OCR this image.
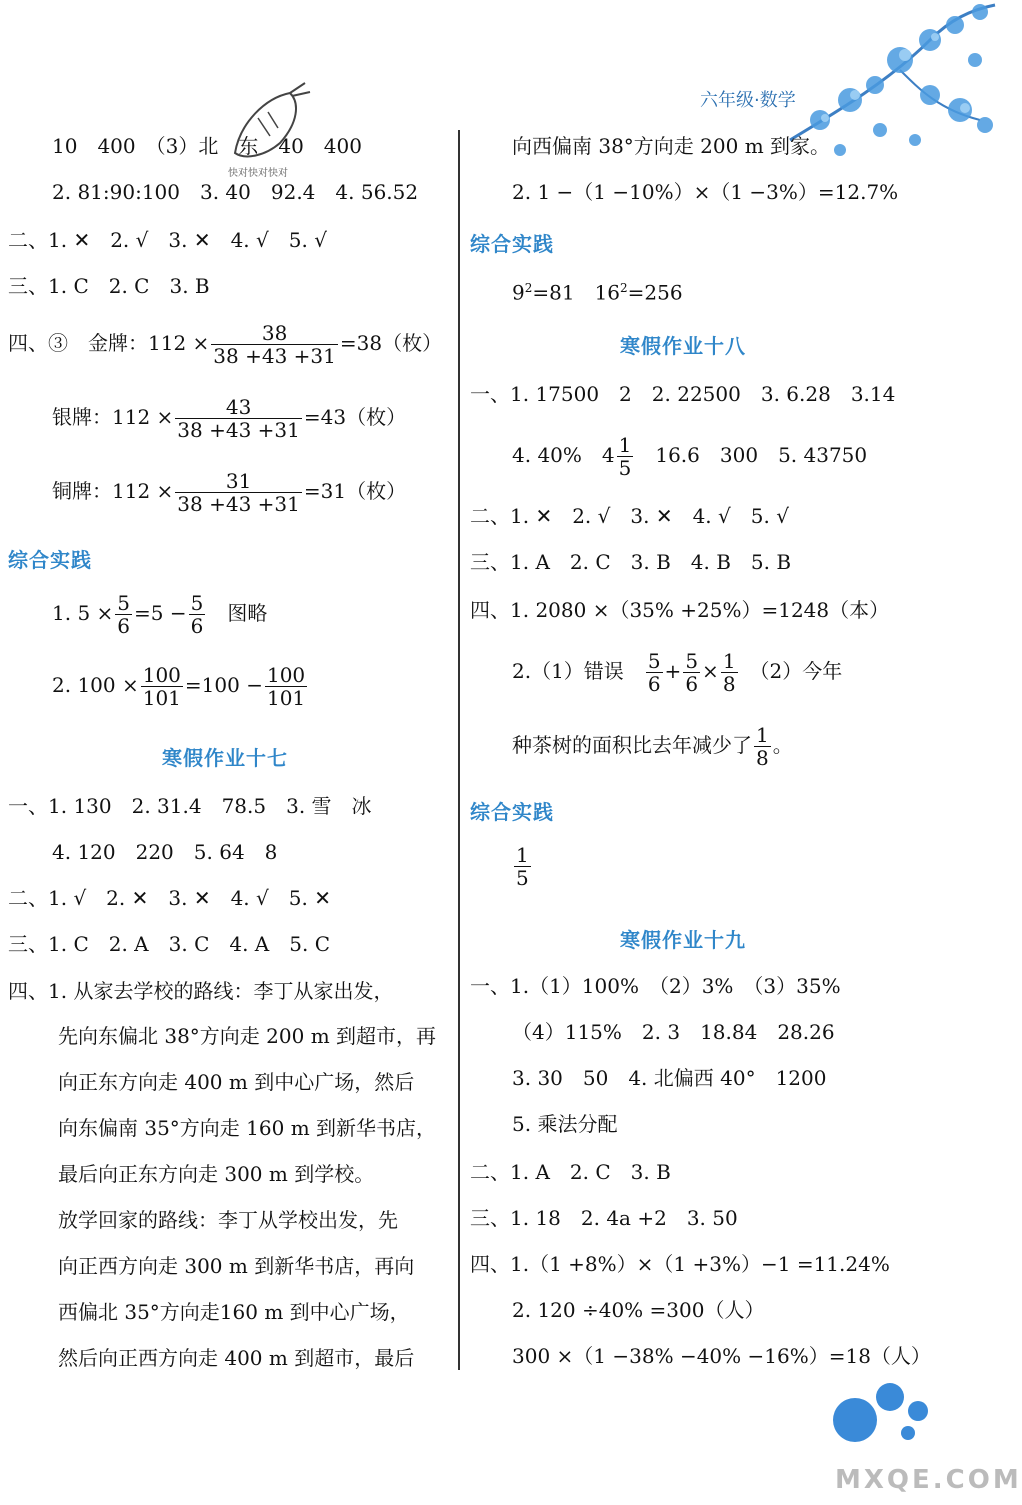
六年级·数学
快对快对快对
10　400　（3）北　东　40　400
2. 81:90:100　3. 40　92.4　4. 56.52
二、1. ✕　2. √　3. ✕　4. √　5. √
三、1. C　2. C　3. B
四、③　金牌：$112 \times \frac{38}{38 +43 +31} =38$（枚）
银牌：$112 \times \frac{43}{38 +43 +31} =43$（枚）
铜牌：$112 \times \frac{31}{38 +43 +31} =31$（枚）
综合实践
1. $5 \times \frac{5}{6} =5 - \frac{5}{6}$
　 图略
2. $100 \times \frac{100}{101} =100 - \frac{100}{101}$
寒假作业十七
一、1. 130　2. 31.4　78.5　3. 雪　冰
4. 120　220　5. 64　8
二、1. √　2. ✕　3. ✕　4. √　5. ✕
三、1. C　2. A　3. C　4. A　5. C
四、1. 从家去学校的路线：李丁从家出发，
先向东偏北 38°方向走 200 m 到超市，再
向正东方向走 400 m 到中心广场，然后
向东偏南 35°方向走 160 m 到新华书店，
最后向正东方向走 300 m 到学校。
放学回家的路线：李丁从学校出发，先
向正西方向走 300 m 到新华书店，再向
西偏北 35°方向走160 m 到中心广场，
然后向正西方向走 400 m 到超市，最后
向西偏南 38°方向走 200 m 到家。
2. 1 −（1 −10%）×（1 −3%）=12.7%
综合实践
$9^2=81$　$16^2=256$
寒假作业十八
一、1. 17500　2　2. 22500　3. 6.28　3.14
4. 40%　$4 \frac{1}{5}$
　 16.6　300　5. 43750
二、1. ✕　2. √　3. ✕　4. √　5. √
三、1. A　2. C　3. B　4. B　5. B
四、1. 2080 ×（35% +25%）=1248（本）
2.（1）错误　 $\frac{5}{6} + \frac{5}{6} \times \frac{1}{8}$
　 （2）今年
种茶树的面积比去年减少了 $\frac{1}{8}$ 。
综合实践
$\frac{1}{5}$
寒假作业十九
一、1.（1）100%　（2）3%　（3）35%
（4）115%　2. 3　18.84　28.26
3. 30　50　4. 北偏西 40°　1200
5. 乘法分配
二、1. A　2. C　3. B
三、1. 18　2. 4a +2　3. 50
四、1.（1 +8%）×（1 +3%）−1 =11.24%
2. 120 ÷40% =300（人）
300 ×（1 −38% −40% −16%）=18（人）
MXQE.COM
